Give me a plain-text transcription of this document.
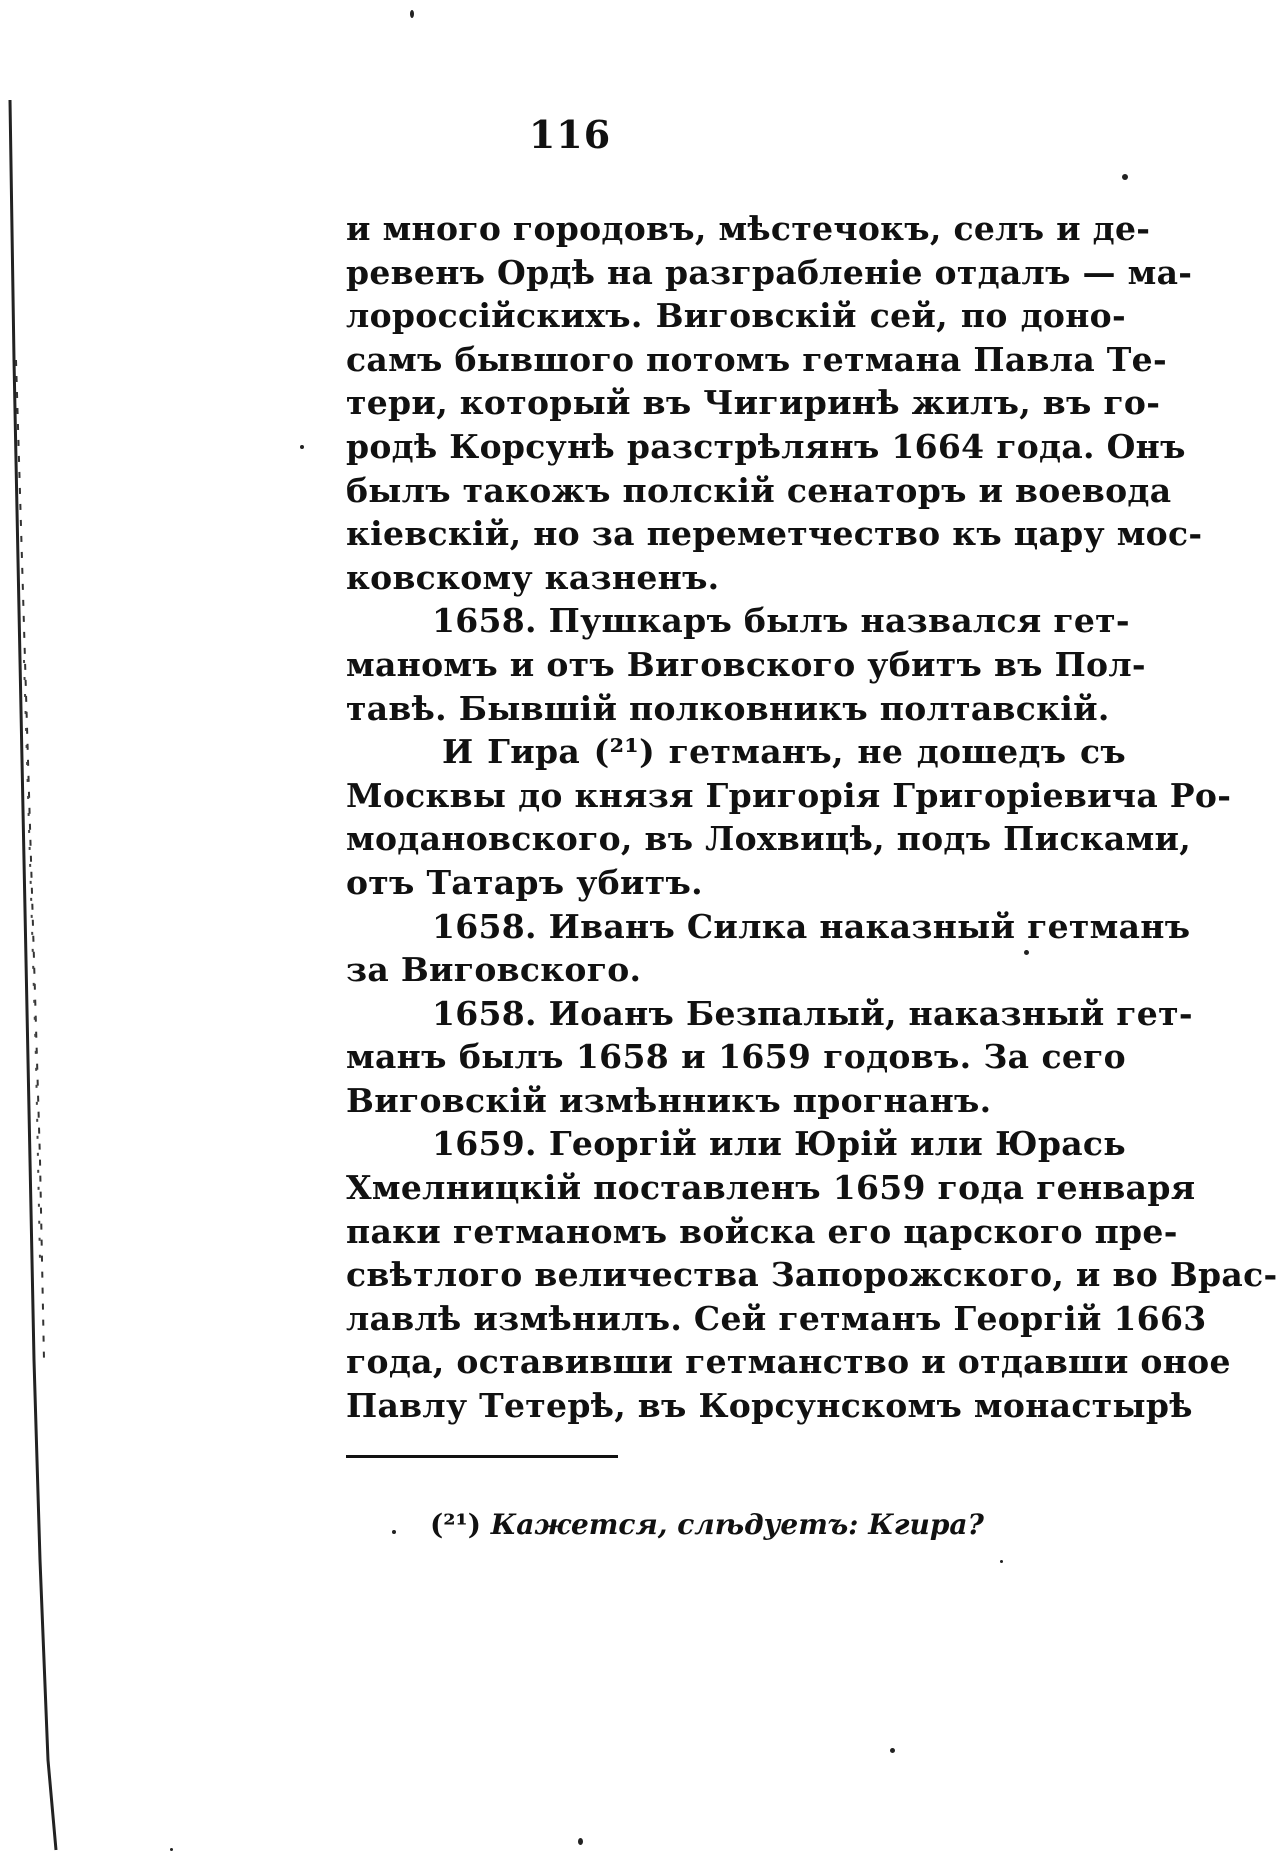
116
и много городовъ, мѣстечокъ, селъ и де-
ревенъ Ордѣ на разграбленіе отдалъ — ма-
лороссійскихъ. Виговскій сей, по доно-
самъ бывшого потомъ гетмана Павла Те-
тери, который въ Чигиринѣ жилъ, въ го-
родѣ Корсунѣ разстрѣлянъ 1664 года. Онъ
былъ такожъ полскій сенаторъ и воевода
кіевскій, но за переметчество къ цару мос-
ковскому казненъ.
1658. Пушкаръ былъ назвался гет-
маномъ и отъ Виговского убитъ въ Пол-
тавѣ. Бывшій полковникъ полтавскій.
И Гира (²¹) гетманъ, не дошедъ съ
Москвы до князя Григорія Григоріевича Ро-
модановского, въ Лохвицѣ, подъ Писками,
отъ Татаръ убитъ.
1658. Иванъ Силка наказный гетманъ
за Виговского.
1658. Иоанъ Безпалый, наказный гет-
манъ былъ 1658 и 1659 годовъ. За сего
Виговскій измѣнникъ прогнанъ.
1659. Георгій или Юрій или Юрась
Хмелницкій поставленъ 1659 года генваря
паки гетманомъ войска его царского пре-
свѣтлого величества Запорожского, и во Врас-
лавлѣ измѣнилъ. Сей гетманъ Георгій 1663
года, оставивши гетманство и отдавши оное
Павлу Тетерѣ, въ Корсунскомъ монастырѣ
(²¹) Кажется, слѣдуетъ: Кгира?
